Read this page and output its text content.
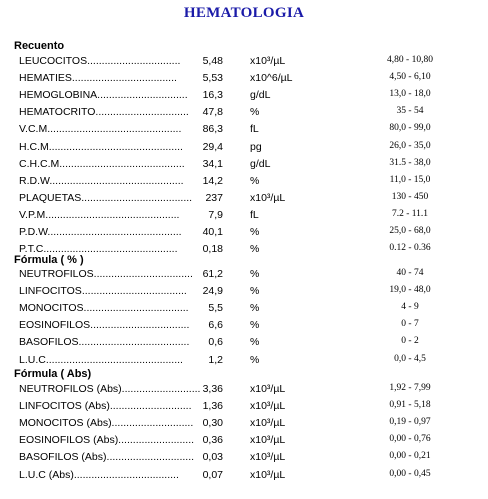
HEMATOLOGIA
Recuento
LEUCOCITOS................................	5,48	x10³/µL	4,80 - 10,80
HEMATIES....................................	5,53	x10^6/µL	4,50 - 6,10
HEMOGLOBINA...............................	16,3	g/dL	13,0 - 18,0
HEMATOCRITO................................	47,8	%	35 - 54
V.C.M..............................................	86,3	fL	80,0 - 99,0
H.C.M..............................................	29,4	pg	26,0 - 35,0
C.H.C.M...........................................	34,1	g/dL	31.5 - 38,0
R.D.W..............................................	14,2	%	11,0 - 15,0
PLAQUETAS......................................	237	x10³/µL	130 - 450
V.P.M..............................................	7,9	fL	7.2 - 11.1
P.D.W..............................................	40,1	%	25,0 - 68,0
P.T.C..............................................	0,18	%	0.12 - 0.36
Fórmula ( % )
NEUTROFILOS.................................. 61,2	%	40 - 74
LINFOCITOS....................................	24,9	%	19,0 - 48,0
MONOCITOS....................................	5,5	%	4 - 9
EOSINOFILOS..................................	6,6	%	0 - 7
BASOFILOS......................................	0,6	%	0 - 2
L.U.C...............................................	1,2	%	0,0 - 4,5
Fórmula ( Abs)
NEUTROFILOS (Abs)........................... 3,36	x10³/µL	1,92 - 7,99
LINFOCITOS (Abs)............................	1,36	x10³/µL	0,91 - 5,18
MONOCITOS (Abs)............................ 0,30	x10³/µL	0,19 - 0,97
EOSINOFILOS (Abs).......................... 0,36	x10³/µL	0,00 - 0,76
BASOFILOS (Abs).............................. 0,03	x10³/µL	0,00 - 0,21
L.U.C (Abs)....................................	0,07	x10³/µL	0,00 - 0,45
